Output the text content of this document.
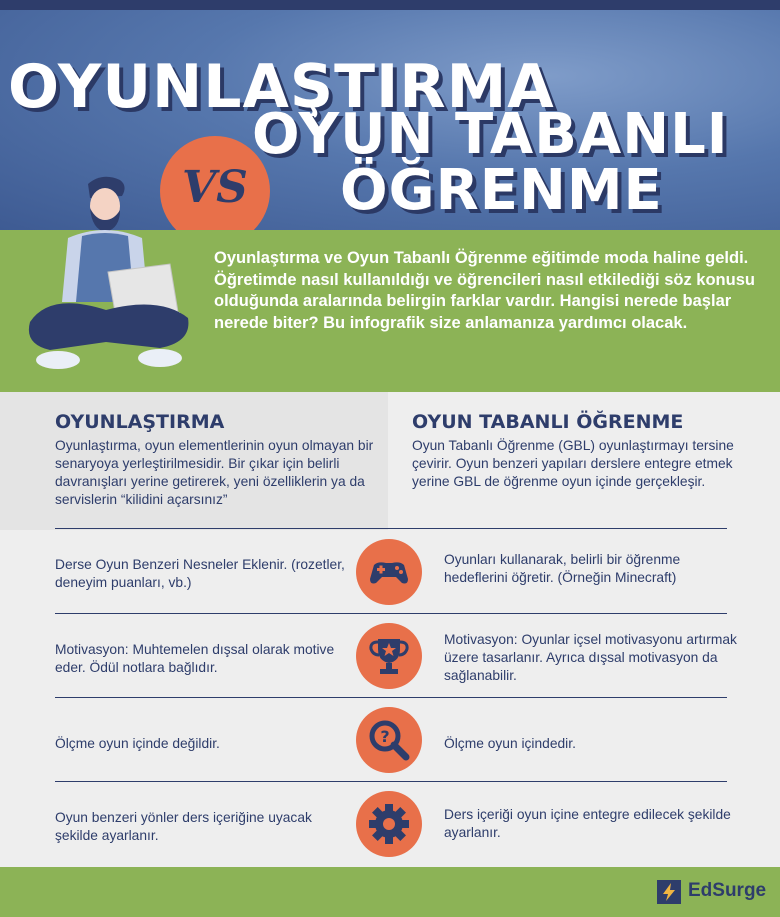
VS
OYUNLAŞTIRMA
OYUN TABANLI
ÖĞRENME
Oyunlaştırma ve Oyun Tabanlı Öğrenme eğitimde moda haline geldi. Öğretimde nasıl kullanıldığı ve öğrencileri nasıl etkilediği söz konusu olduğunda aralarında belirgin farklar vardır. Hangisi nerede başlar nerede biter? Bu infografik size anlamanıza yardımcı olacak.
OYUNLAŞTIRMA
Oyunlaştırma, oyun elementlerinin oyun olmayan bir senaryoya yerleştirilmesidir. Bir çıkar için belirli davranışları yerine getirerek, yeni özelliklerin ya da servislerin “kilidini açarsınız”
OYUN TABANLI ÖĞRENME
Oyun Tabanlı Öğrenme (GBL) oyunlaştırmayı tersine çevirir. Oyun benzeri yapıları derslere entegre etmek yerine GBL de öğrenme oyun içinde gerçekleşir.
Derse Oyun Benzeri Nesneler Eklenir. (rozetler, deneyim puanları, vb.)
Oyunları kullanarak, belirli bir öğrenme hedeflerini öğretir. (Örneğin Minecraft)
Motivasyon: Muhtemelen dışsal olarak motive eder. Ödül notlara bağlıdır.
Motivasyon: Oyunlar içsel motivasyonu artırmak üzere tasarlanır. Ayrıca dışsal motivasyon da sağlanabilir.
Ölçme oyun içinde değildir.	?	Ölçme oyun içindedir.
Oyun benzeri yönler ders içeriğine uyacak şekilde ayarlanır.
Ders içeriği oyun içine entegre edilecek şekilde ayarlanır.
EdSurge
